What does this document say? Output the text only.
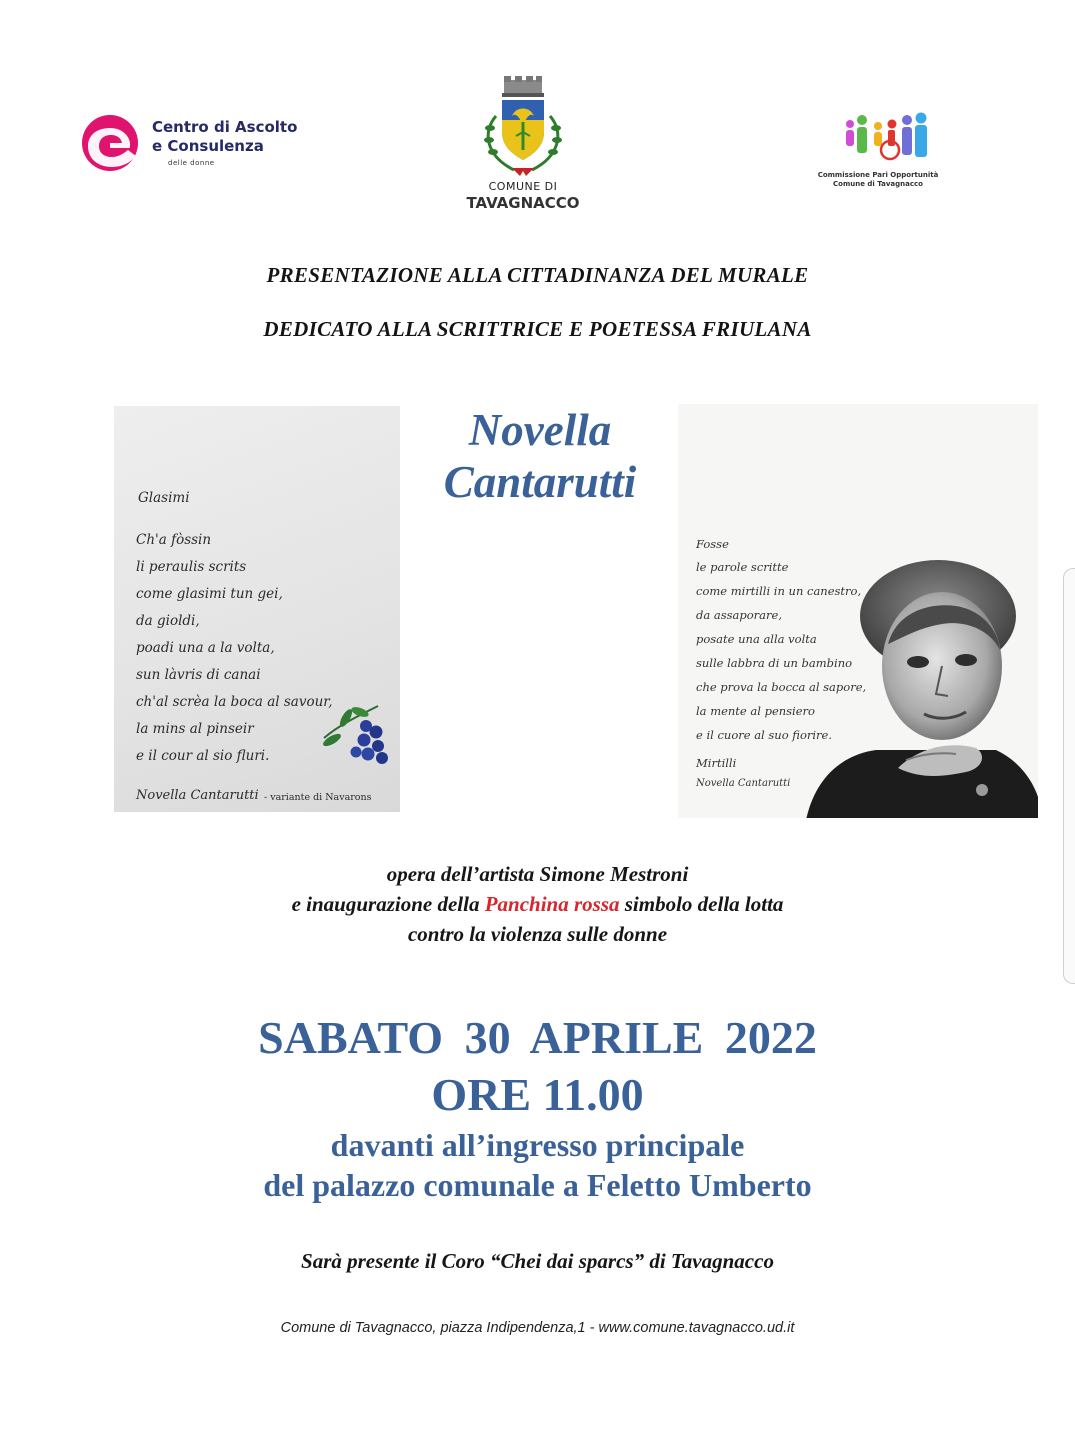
Centro di Ascolto
e Consulenza
delle donne
COMUNE DI
TAVAGNACCO
Commissione Pari Opportunità
Comune di Tavagnacco
PRESENTAZIONE ALLA CITTADINANZA DEL MURALE
DEDICATO ALLA SCRITTRICE E POETESSA FRIULANA
Glasimi
Ch'a fòssin
li peraulis scrits
come glasimi tun gei,
da gioldi,
poadi una a la volta,
sun làvris di canai
ch'al scrèa la boca al savour,
la mins al pinseir
e il cour al sio fluri.
Novella Cantarutti - variante di Navarons
Novella
Cantarutti
Fosse
le parole scritte
come mirtilli in un canestro,
da assaporare,
posate una alla volta
sulle labbra di un bambino
che prova la bocca al sapore,
la mente al pensiero
e il cuore al suo fiorire.
Mirtilli
Novella Cantarutti
opera dell’artista Simone Mestroni
e inaugurazione della Panchina rossa simbolo della lotta
contro la violenza sulle donne
SABATO 30 APRILE 2022
ORE 11.00
davanti all’ingresso principale
del palazzo comunale a Feletto Umberto
Sarà presente il Coro “Chei dai sparcs” di Tavagnacco
Comune di Tavagnacco, piazza Indipendenza,1 - www.comune.tavagnacco.ud.it
